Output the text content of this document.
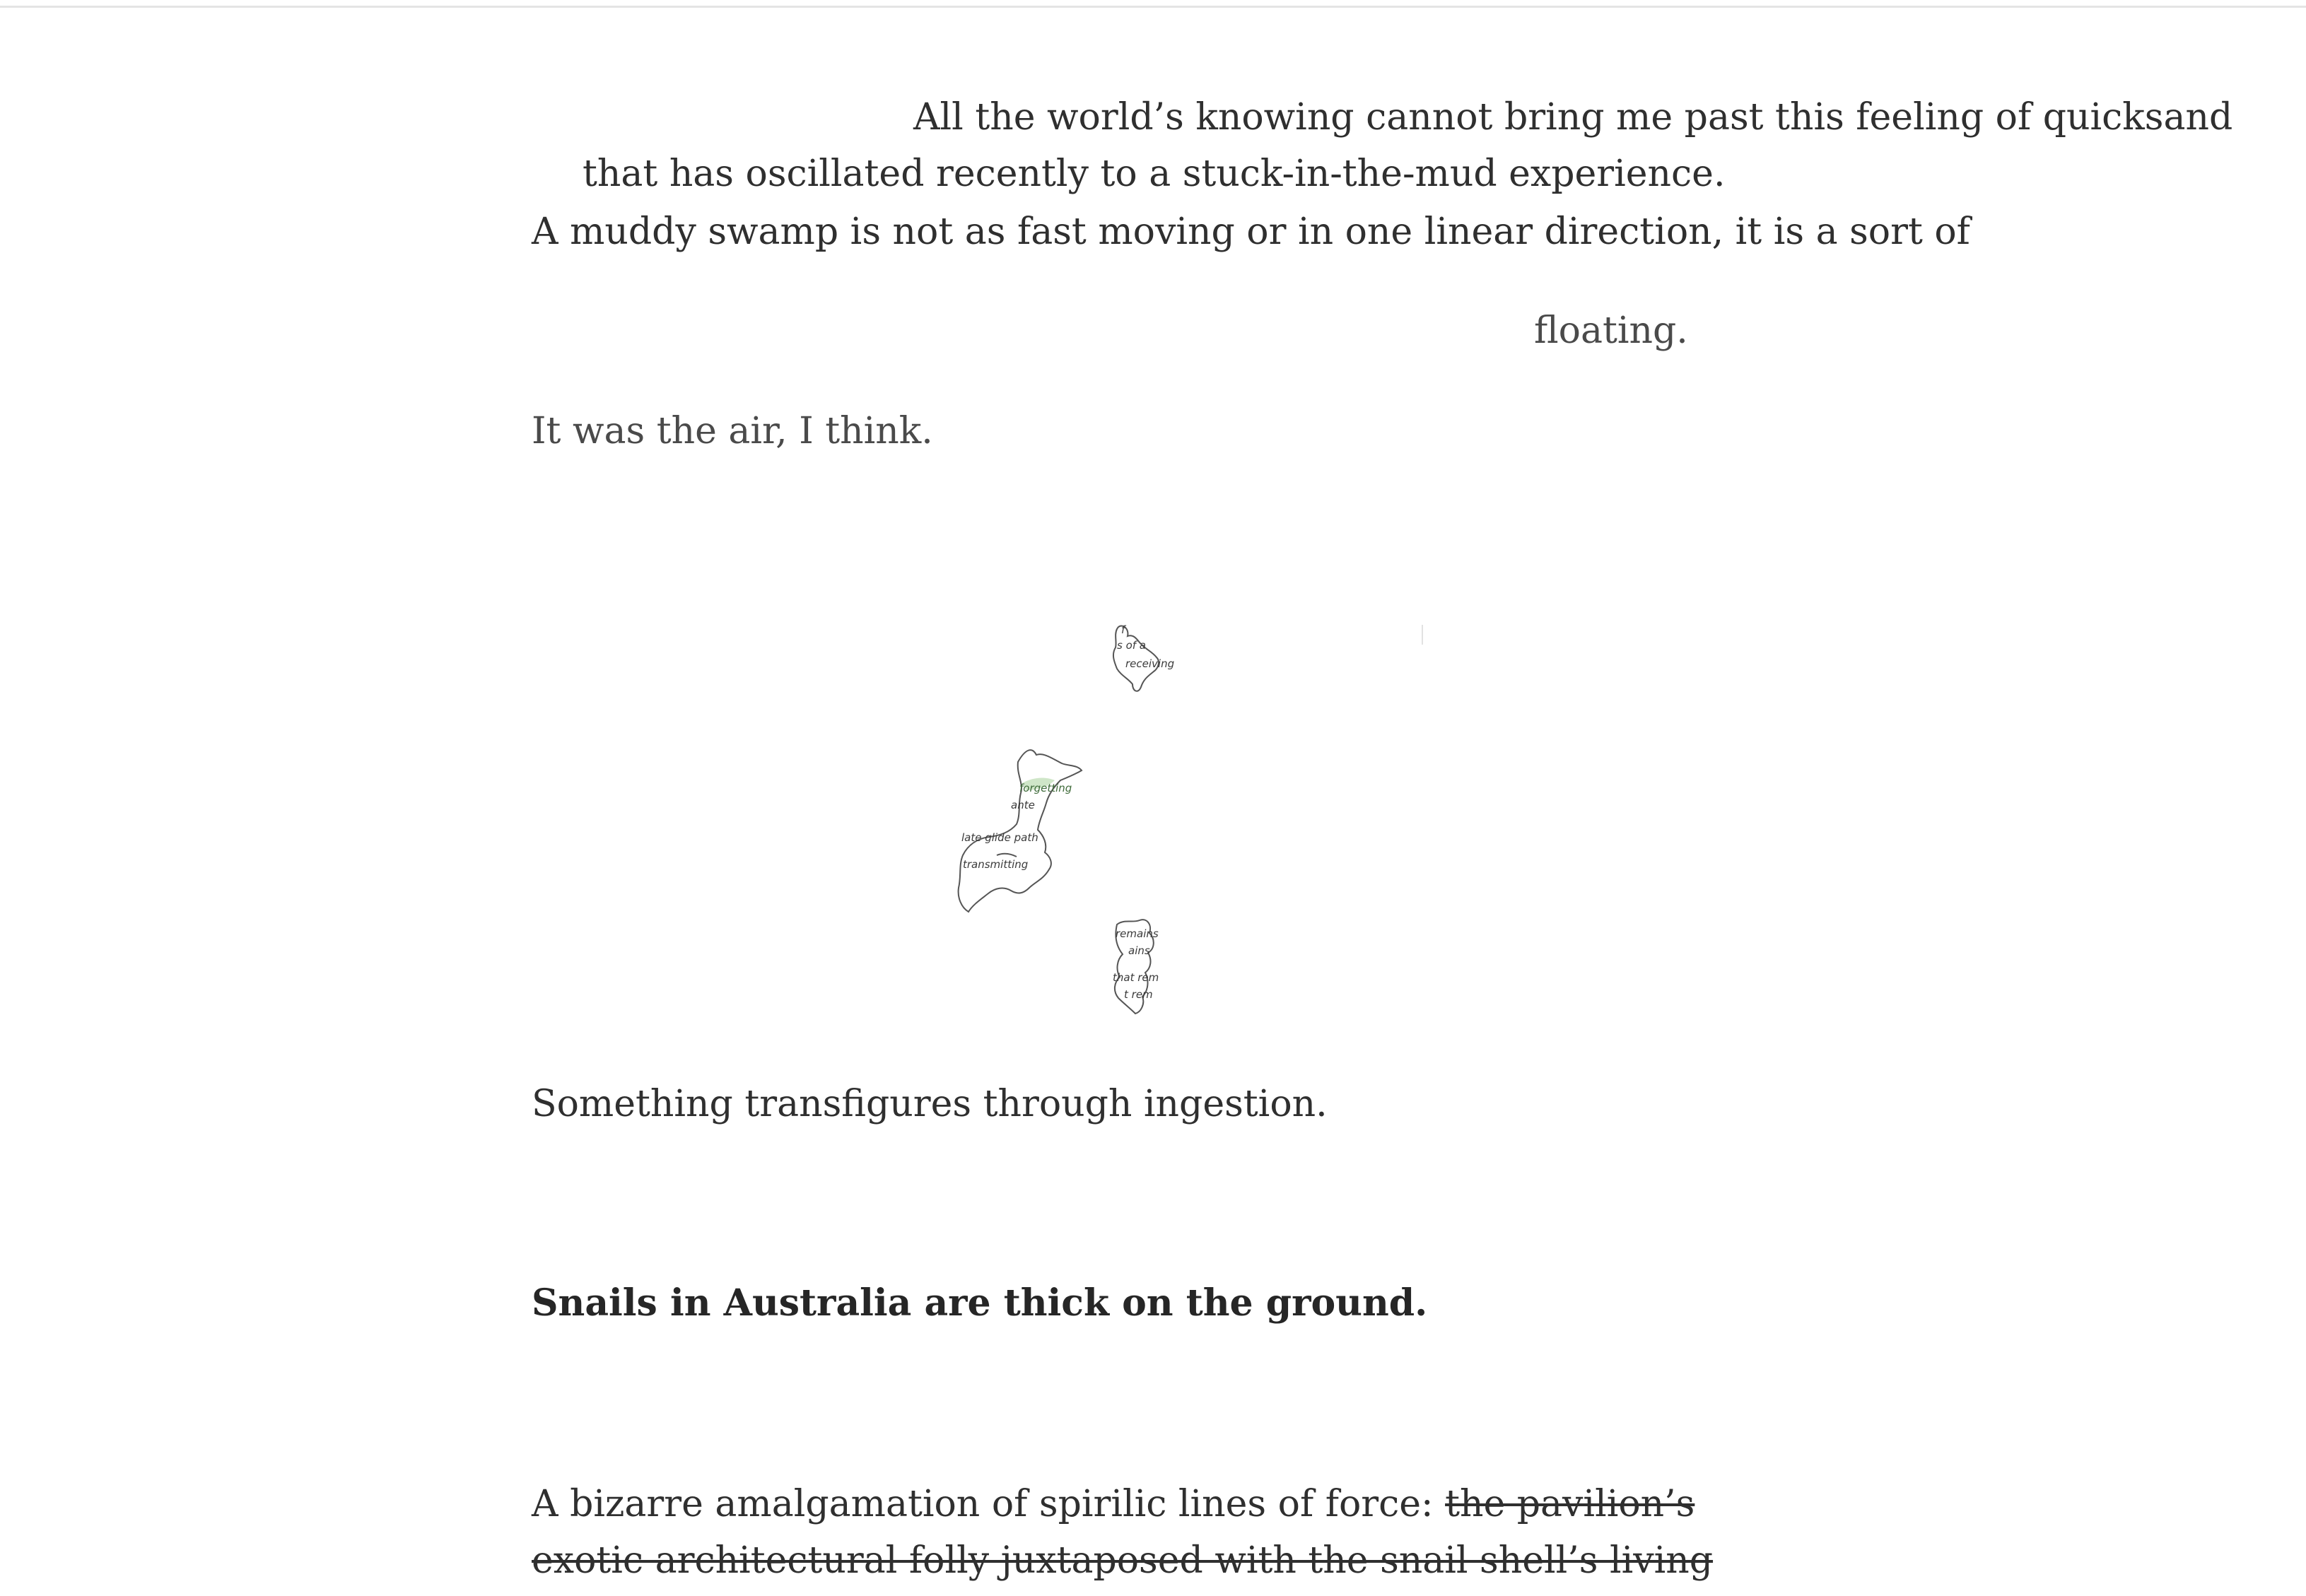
All the world’s knowing cannot bring me past this feeling of quicksand
that has oscillated recently to a stuck-in-the-mud experience.
A muddy swamp is not as fast moving or in one linear direction, it is a sort of
floating.
It was the air, I think.
f
s of a
receiving
forgetting
ante
late glide path
transmitting
remains
ains
that rem
t rem
Something transfigures through ingestion.
Snails in Australia are thick on the ground.
A bizarre amalgamation of spirilic lines of force: the pavilion’s
exotic architectural folly juxtaposed with the snail shell’s living
